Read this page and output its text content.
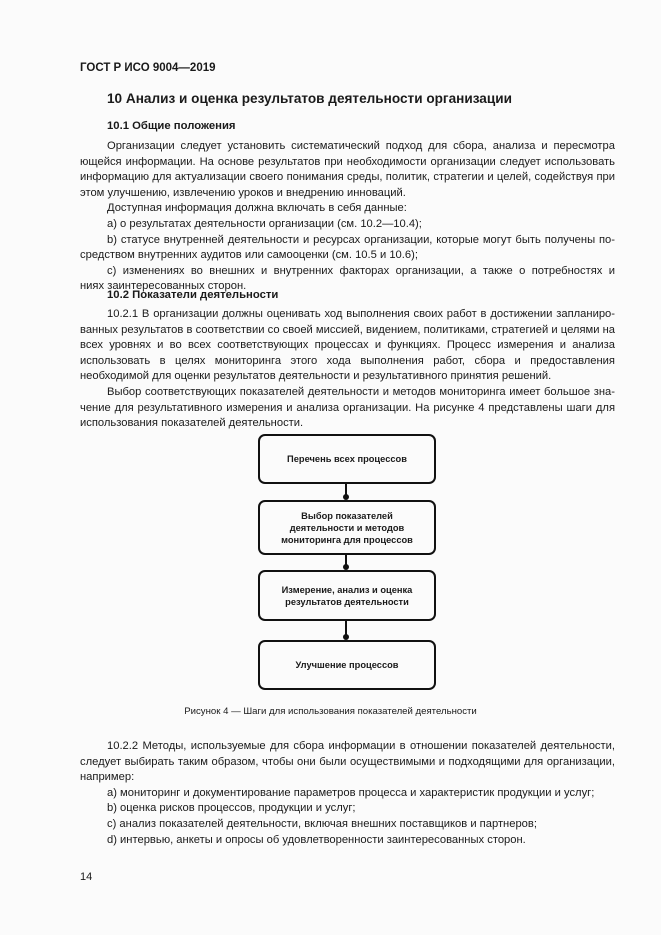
ГОСТ Р ИСО 9004—2019
10 Анализ и оценка результатов деятельности организации
10.1 Общие положения
Организации следует установить систематический подход для сбора, анализа и пересмотра
ющейся информации. На основе результатов при необходимости организации следует использовать
информацию для актуализации своего понимания среды, политик, стратегии и целей, содействуя при
этом улучшению, извлечению уроков и внедрению инноваций.
Доступная информация должна включать в себя данные:
a) о результатах деятельности организации (см. 10.2—10.4);
b) статусе внутренней деятельности и ресурсах организации, которые могут быть получены по-
средством внутренних аудитов или самооценки (см. 10.5 и 10.6);
c) изменениях во внешних и внутренних факторах организации, а также о потребностях и
ниях заинтересованных сторон.
10.2 Показатели деятельности
10.2.1 В организации должны оценивать ход выполнения своих работ в достижении запланиро-
ванных результатов в соответствии со своей миссией, видением, политиками, стратегией и целями на
всех уровнях и во всех соответствующих процессах и функциях. Процесс измерения и анализа
использовать в целях мониторинга этого хода выполнения работ, сбора и предоставления
необходимой для оценки результатов деятельности и результативного принятия решений.
Выбор соответствующих показателей деятельности и методов мониторинга имеет большое зна-
чение для результативного измерения и анализа организации. На рисунке 4 представлены шаги для
использования показателей деятельности.
Перечень всех процессов
Выбор показателей деятельности и методов мониторинга для процессов
Измерение, анализ и оценка результатов деятельности
Улучшение процессов
Рисунок 4 — Шаги для использования показателей деятельности
10.2.2 Методы, используемые для сбора информации в отношении показателей деятельности,
следует выбирать таким образом, чтобы они были осуществимыми и подходящими для организации,
например:
a) мониторинг и документирование параметров процесса и характеристик продукции и услуг;
b) оценка рисков процессов, продукции и услуг;
c) анализ показателей деятельности, включая внешних поставщиков и партнеров;
d) интервью, анкеты и опросы об удовлетворенности заинтересованных сторон.
14
